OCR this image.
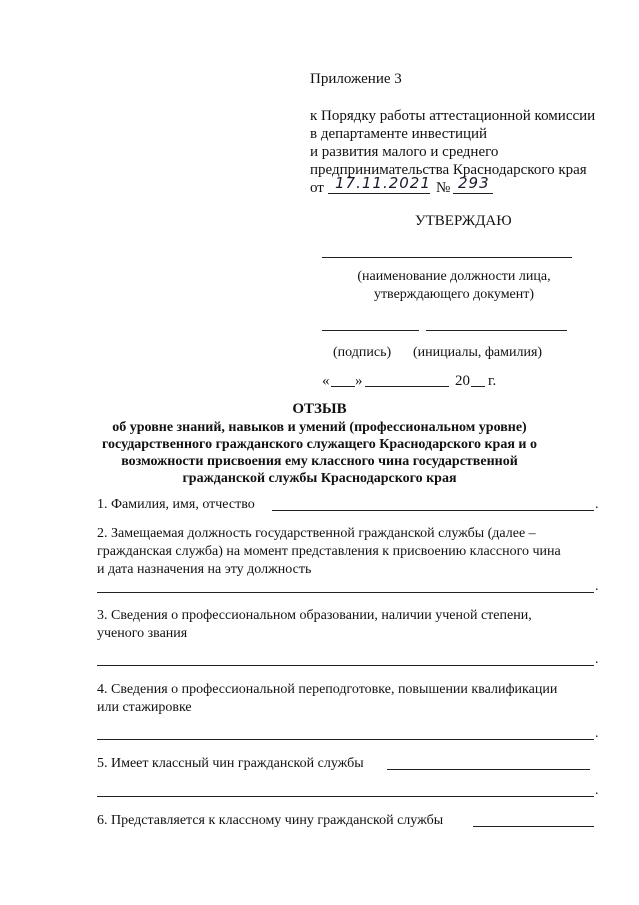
Приложение 3
к Порядку работы аттестационной комиссии
в департаменте инвестиций
и развития малого и среднего
предпринимательства Краснодарского края
от 17.11.2021 № 293
УТВЕРЖДАЮ
(наименование должности лица,
утверждающего документ)
(подпись) (инициалы, фамилия)
« »	20 г.
ОТЗЫВ
об уровне знаний, навыков и умений (профессиональном уровне)
государственного гражданского служащего Краснодарского края и о
возможности присвоения ему классного чина государственной
гражданской службы Краснодарского края
1. Фамилия, имя, отчество	.
2. Замещаемая должность государственной гражданской службы (далее –
гражданская служба) на момент представления к присвоению классного чина
и дата назначения на эту должность
.
3. Сведения о профессиональном образовании, наличии ученой степени,
ученого звания
.
4. Сведения о профессиональной переподготовке, повышении квалификации
или стажировке
.
5. Имеет классный чин гражданской службы
.
6. Представляется к классному чину гражданской службы
